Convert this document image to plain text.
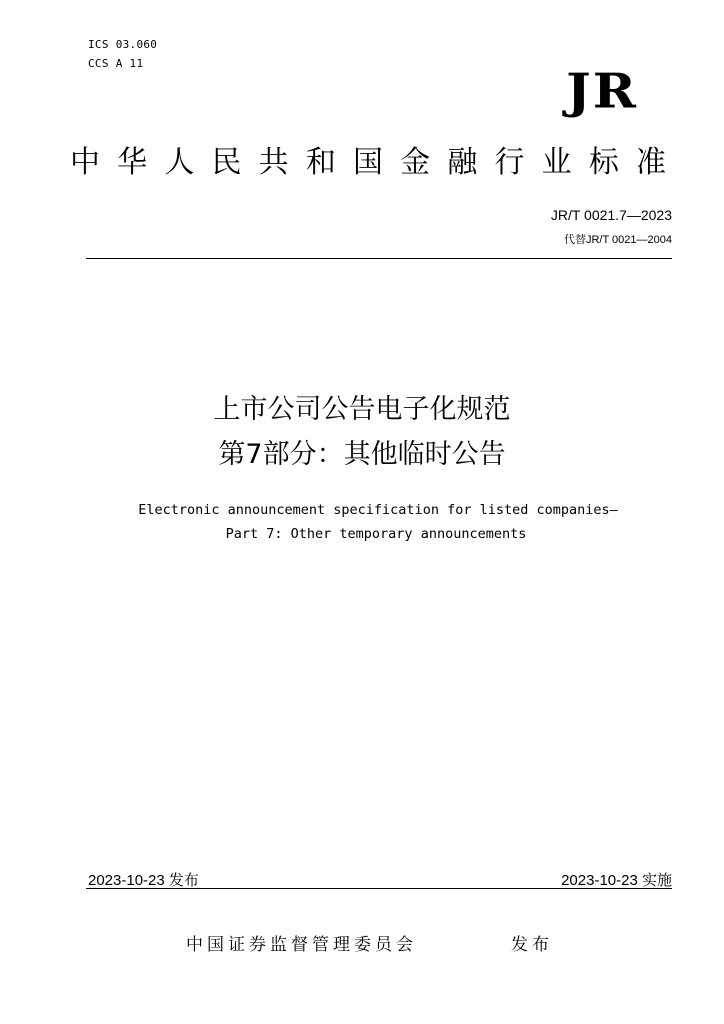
ICS 03.060
CCS A 11	JR
中华人民共和国金融行业标准
JR/T 0021.7—2023
代替JR/T 0021—2004
上市公司公告电子化规范
第7部分：其他临时公告
Electronic announcement specification for listed companies—
Part 7: Other temporary announcements
2023-10-23 发布	2023-10-23 实施
中国证券监督管理委员会	发布
